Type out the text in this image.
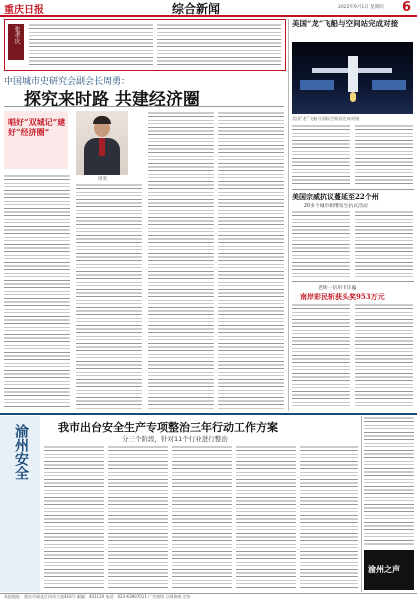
重庆日报	综合新闻	2022年9月1日 星期四 6
张孝庆
中国城市史研究会副会长周勇：
探究来时路 共建经济圈
唱好“双城记”建好“经济圈”
周勇
美国“龙”飞船与空间站完成对接
美国“龙”飞船与国际空间站完成对接
美国宗威抗议蔓延至22个州
20多个城市相继发生抗议活动
老街一信用卡诈骗
南岸彩民斩获头奖953万元
渝州安全	我市出台安全生产专项整治三年行动工作方案
分三个阶段，针对11个行业进行整治
渝州之声
本报地址：重庆市渝北区同茂大道416号 邮编：401120 电话：023-63907011 广告热线 订阅热线 定价
